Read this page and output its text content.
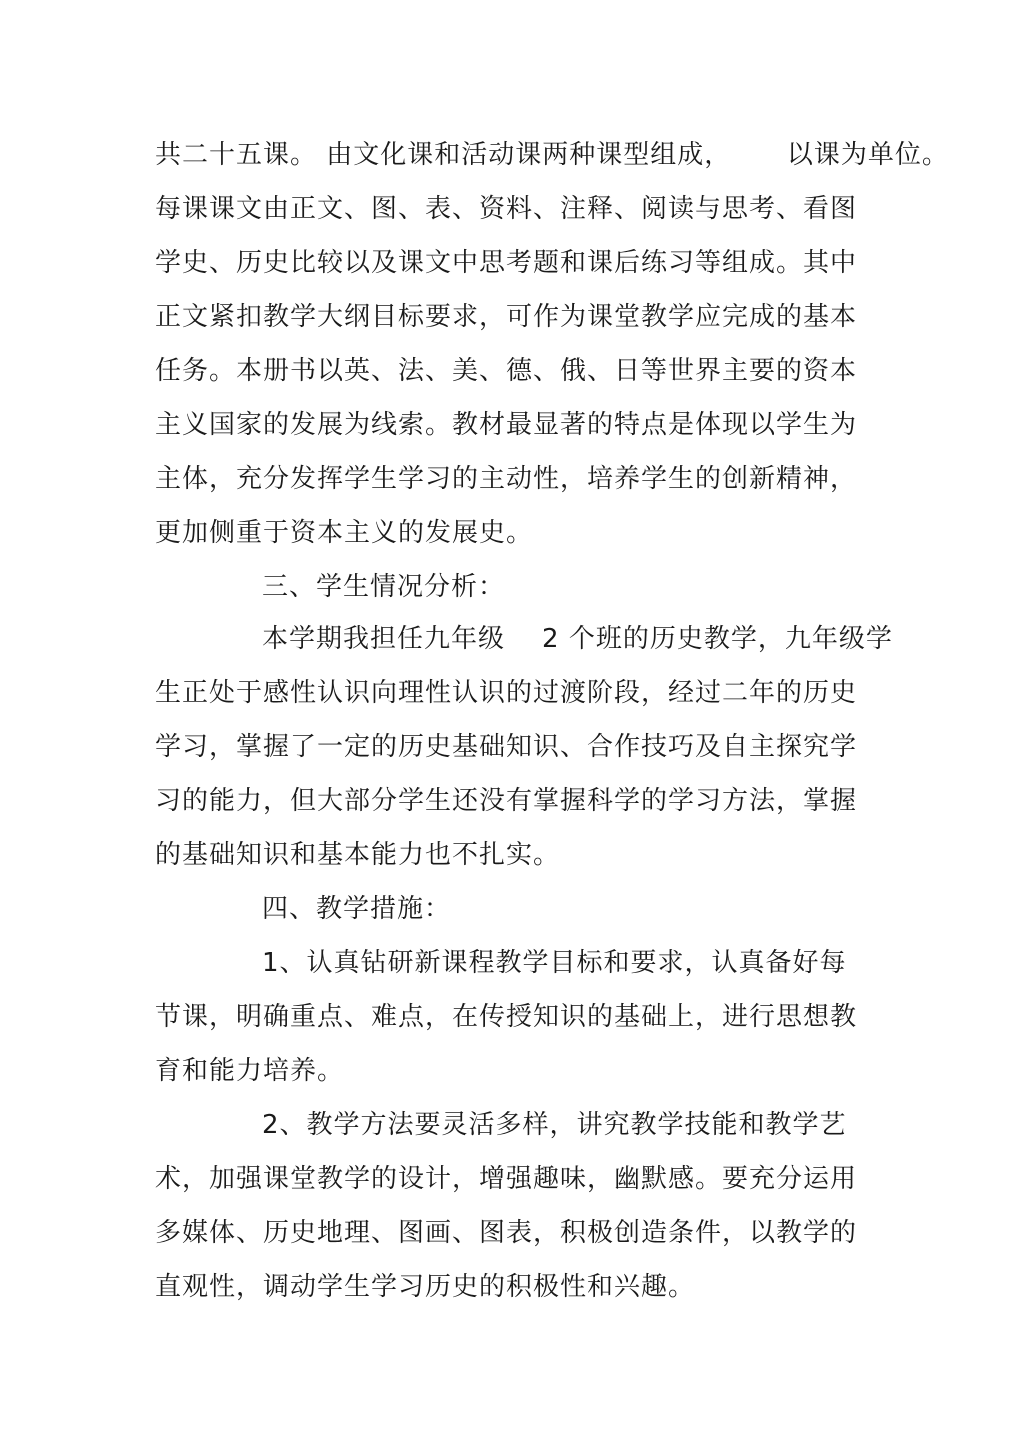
共二十五课。 由文化课和活动课两种课型组成，      以课为单位。
每课课文由正文、图、表、资料、注释、阅读与思考、看图
学史、历史比较以及课文中思考题和课后练习等组成。其中
正文紧扣教学大纲目标要求，可作为课堂教学应完成的基本
任务。本册书以英、法、美、德、俄、日等世界主要的资本
主义国家的发展为线索。教材最显著的特点是体现以学生为
主体，充分发挥学生学习的主动性，培养学生的创新精神，
更加侧重于资本主义的发展史。
三、学生情况分析：
本学期我担任九年级    2 个班的历史教学，九年级学
生正处于感性认识向理性认识的过渡阶段，经过二年的历史
学习，掌握了一定的历史基础知识、合作技巧及自主探究学
习的能力，但大部分学生还没有掌握科学的学习方法，掌握
的基础知识和基本能力也不扎实。
四、教学措施：
1、认真钻研新课程教学目标和要求，认真备好每
节课，明确重点、难点，在传授知识的基础上，进行思想教
育和能力培养。
2、教学方法要灵活多样，讲究教学技能和教学艺
术，加强课堂教学的设计，增强趣味，幽默感。要充分运用
多媒体、历史地理、图画、图表，积极创造条件，以教学的
直观性，调动学生学习历史的积极性和兴趣。
